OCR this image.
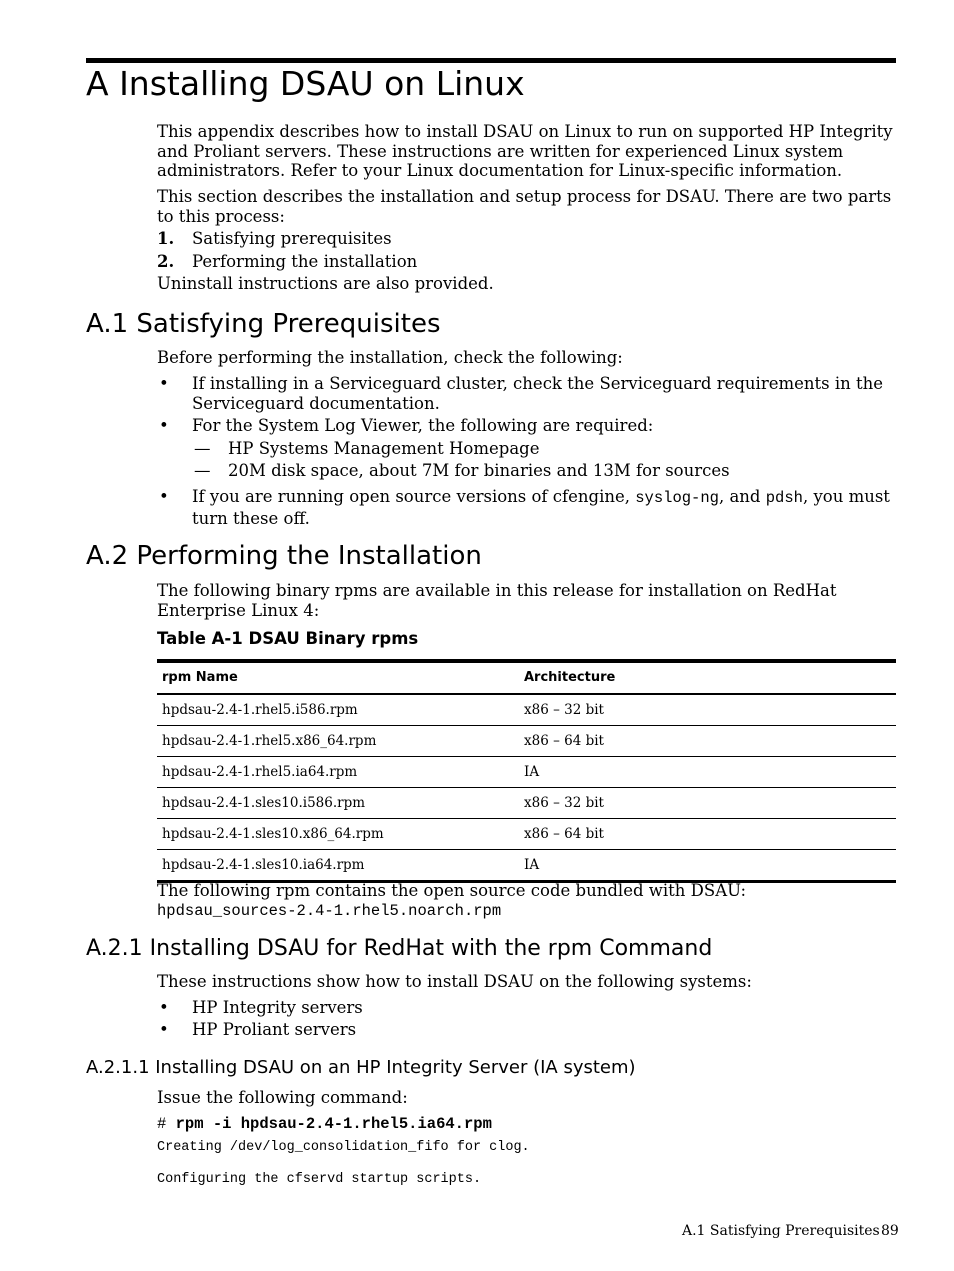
A Installing DSAU on Linux

This appendix describes how to install DSAU on Linux to run on supported HP Integrity and Proliant servers. These instructions are written for experienced Linux system administrators. Refer to your Linux documentation for Linux-specific information.

This section describes the installation and setup process for DSAU. There are two parts to this process:

1. Satisfying prerequisites
2. Performing the installation
Uninstall instructions are also provided.
A.1 Satisfying Prerequisites
Before performing the installation, check the following:
• If installing in a Serviceguard cluster, check the Serviceguard requirements in the Serviceguard documentation.
• For the System Log Viewer, the following are required:
— HP Systems Management Homepage
— 20M disk space, about 7M for binaries and 13M for sources
• If you are running open source versions of cfengine, syslog-ng, and pdsh, you must turn these off.
A.2 Performing the Installation

The following binary rpms are available in this release for installation on RedHat Enterprise Linux 4:

Table A-1 DSAU Binary rpms
rpm Name	Architecture
hpdsau-2.4-1.rhel5.i586.rpm	x86 – 32 bit
hpdsau-2.4-1.rhel5.x86_64.rpm	x86 – 64 bit
hpdsau-2.4-1.rhel5.ia64.rpm	IA
hpdsau-2.4-1.sles10.i586.rpm	x86 – 32 bit
hpdsau-2.4-1.sles10.x86_64.rpm	x86 – 64 bit
hpdsau-2.4-1.sles10.ia64.rpm	IA
The following rpm contains the open source code bundled with DSAU:
hpdsau_sources-2.4-1.rhel5.noarch.rpm
A.2.1 Installing DSAU for RedHat with the rpm Command
These instructions show how to install DSAU on the following systems:
• HP Integrity servers
• HP Proliant servers
A.2.1.1 Installing DSAU on an HP Integrity Server (IA system)
Issue the following command:
# rpm -i hpdsau-2.4-1.rhel5.ia64.rpm
Creating /dev/log_consolidation_fifo for clog.
Configuring the cfservd startup scripts.
A.1 Satisfying Prerequisites 89
